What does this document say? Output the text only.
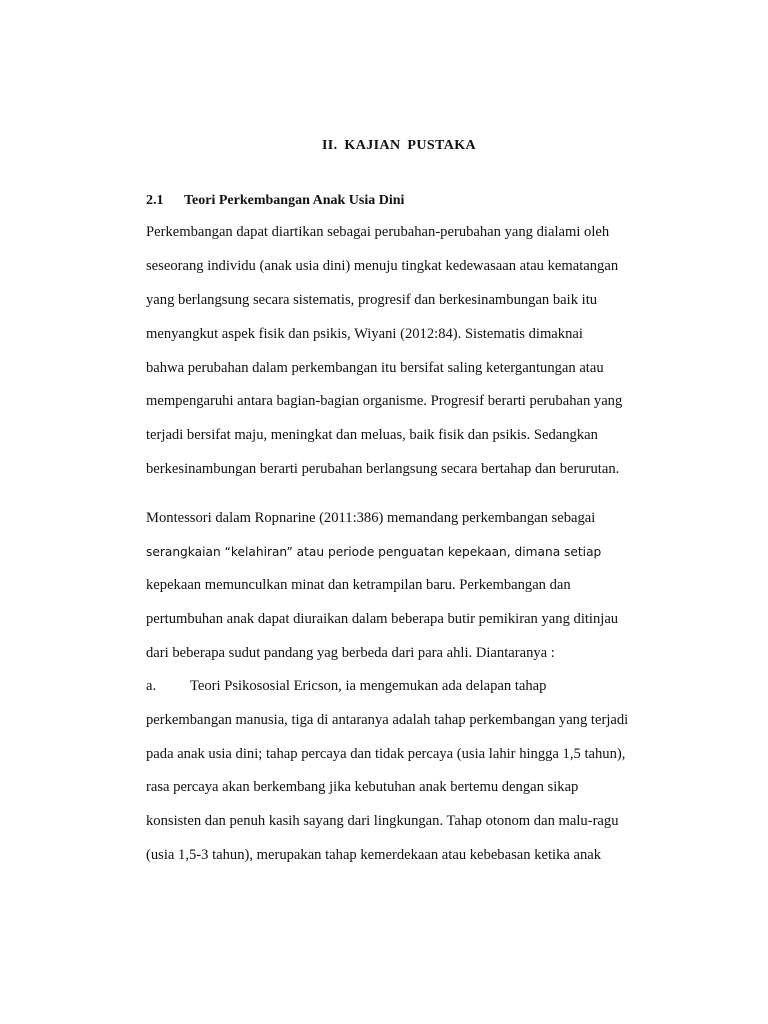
II. KAJIAN PUSTAKA
2.1 Teori Perkembangan Anak Usia Dini
Perkembangan dapat diartikan sebagai perubahan-perubahan yang dialami oleh
seseorang individu (anak usia dini) menuju tingkat kedewasaan atau kematangan
yang berlangsung secara sistematis, progresif dan berkesinambungan baik itu
menyangkut aspek fisik dan psikis, Wiyani (2012:84). Sistematis dimaknai
bahwa perubahan dalam perkembangan itu bersifat saling ketergantungan atau
mempengaruhi antara bagian-bagian organisme. Progresif berarti perubahan yang
terjadi bersifat maju, meningkat dan meluas, baik fisik dan psikis. Sedangkan
berkesinambungan berarti perubahan berlangsung secara bertahap dan berurutan.
Montessori dalam Ropnarine (2011:386) memandang perkembangan sebagai
serangkaian “kelahiran” atau periode penguatan kepekaan, dimana setiap
kepekaan memunculkan minat dan ketrampilan baru. Perkembangan dan
pertumbuhan anak dapat diuraikan dalam beberapa butir pemikiran yang ditinjau
dari beberapa sudut pandang yag berbeda dari para ahli. Diantaranya :
a. Teori Psikososial Ericson, ia mengemukan ada delapan tahap
perkembangan manusia, tiga di antaranya adalah tahap perkembangan yang terjadi
pada anak usia dini; tahap percaya dan tidak percaya (usia lahir hingga 1,5 tahun),
rasa percaya akan berkembang jika kebutuhan anak bertemu dengan sikap
konsisten dan penuh kasih sayang dari lingkungan. Tahap otonom dan malu-ragu
(usia 1,5-3 tahun), merupakan tahap kemerdekaan atau kebebasan ketika anak
